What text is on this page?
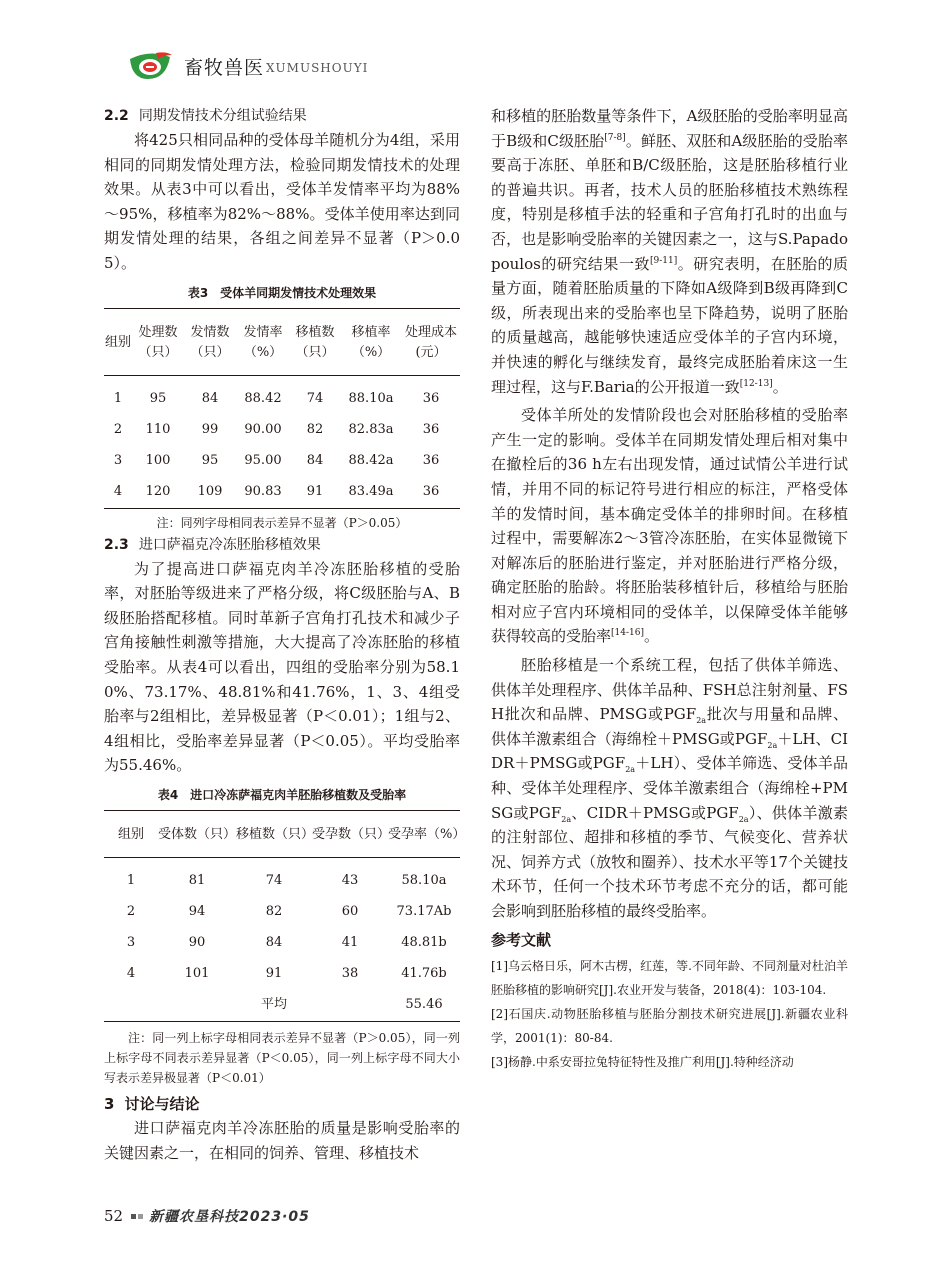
畜牧兽医 XUMUSHOUYI
2.2 同期发情技术分组试验结果

将425只相同品种的受体母羊随机分为4组，采用相同的同期发情处理方法，检验同期发情技术的处理效果。从表3中可以看出，受体羊发情率平均为88%～95%，移植率为82%～88%。受体羊使用率达到同期发情处理的结果，各组之间差异不显著（P＞0.05）。

表3　受体羊同期发情技术处理效果
组别	处理数（只）	发情数（只）	发情率（%）	移植数（只）	移植率（%）	处理成本(元）
1	95	84	88.42	74	88.10a	36
2	110	99	90.00	82	82.83a	36
3	100	95	95.00	84	88.42a	36
4	120	109	90.83	91	83.49a	36

注：同列字母相同表示差异不显著（P＞0.05）

2.3 进口萨福克冷冻胚胎移植效果

为了提高进口萨福克肉羊冷冻胚胎移植的受胎率，对胚胎等级进来了严格分级，将C级胚胎与A、B级胚胎搭配移植。同时革新子宫角打孔技术和减少子宫角接触性刺激等措施，大大提高了冷冻胚胎的移植受胎率。从表4可以看出，四组的受胎率分别为58.10%、73.17%、48.81%和41.76%，1、3、4组受胎率与2组相比，差异极显著（P＜0.01）；1组与2、4组相比，受胎率差异显著（P＜0.05）。平均受胎率为55.46%。

表4　进口冷冻萨福克肉羊胚胎移植数及受胎率
组别	受体数（只）	移植数（只）	受孕数（只）	受孕率（%）
1	81	74	43	58.10a
2	94	82	60	73.17Ab
3	90	84	41	48.81b
4	101	91	38	41.76b
平均				55.46

注：同一列上标字母相同表示差异不显著（P＞0.05），同一列上标字母不同表示差异显著（P＜0.05），同一列上标字母不同大小写表示差异极显著（P＜0.01）

3 讨论与结论

进口萨福克肉羊冷冻胚胎的质量是影响受胎率的关键因素之一，在相同的饲养、管理、移植技术

和移植的胚胎数量等条件下，A级胚胎的受胎率明显高于B级和C级胚胎[7-8]。鲜胚、双胚和A级胚胎的受胎率要高于冻胚、单胚和B/C级胚胎，这是胚胎移植行业的普遍共识。再者，技术人员的胚胎移植技术熟练程度，特别是移植手法的轻重和子宫角打孔时的出血与否，也是影响受胎率的关键因素之一，这与S.Papadopoulos的研究结果一致[9-11]。研究表明，在胚胎的质量方面，随着胚胎质量的下降如A级降到B级再降到C级，所表现出来的受胎率也呈下降趋势，说明了胚胎的质量越高，越能够快速适应受体羊的子宫内环境，并快速的孵化与继续发育，最终完成胚胎着床这一生理过程，这与F.Baria的公开报道一致[12-13]。

受体羊所处的发情阶段也会对胚胎移植的受胎率产生一定的影响。受体羊在同期发情处理后相对集中在撤栓后的36 h左右出现发情，通过试情公羊进行试情，并用不同的标记符号进行相应的标注，严格受体羊的发情时间，基本确定受体羊的排卵时间。在移植过程中，需要解冻2～3管冷冻胚胎，在实体显微镜下对解冻后的胚胎进行鉴定，并对胚胎进行严格分级，确定胚胎的胎龄。将胚胎装移植针后，移植给与胚胎相对应子宫内环境相同的受体羊，以保障受体羊能够获得较高的受胎率[14-16]。

胚胎移植是一个系统工程，包括了供体羊筛选、供体羊处理程序、供体羊品种、FSH总注射剂量、FSH批次和品牌、PMSG或$PGF_{2a}$批次与用量和品牌、供体羊激素组合（海绵栓＋PMSG或$PGF_{2a}+LH$、CIDR＋PMSG或$PGF_{2a}+LH$）、受体羊筛选、受体羊品种、受体羊处理程序、受体羊激素组合（海绵栓+PMSG或$PGF_{2a}$、CIDR＋PMSG或$PGF_{2a}$）、供体羊激素的注射部位、超排和移植的季节、气候变化、营养状况、饲养方式（放牧和圈养）、技术水平等17个关键技术环节，任何一个技术环节考虑不充分的话，都可能会影响到胚胎移植的最终受胎率。

参考文献

[1]乌云格日乐，阿木古楞，红莲，等.不同年龄、不同剂量对杜泊羊胚胎移植的影响研究[J].农业开发与装备，2018(4)：103-104.

[2]石国庆.动物胚胎移植与胚胎分割技术研究进展[J].新疆农业科学，2001(1)：80-84.

[3]杨静.中系安哥拉兔特征特性及推广利用[J].特种经济动

52 新疆农垦科技2023·05
